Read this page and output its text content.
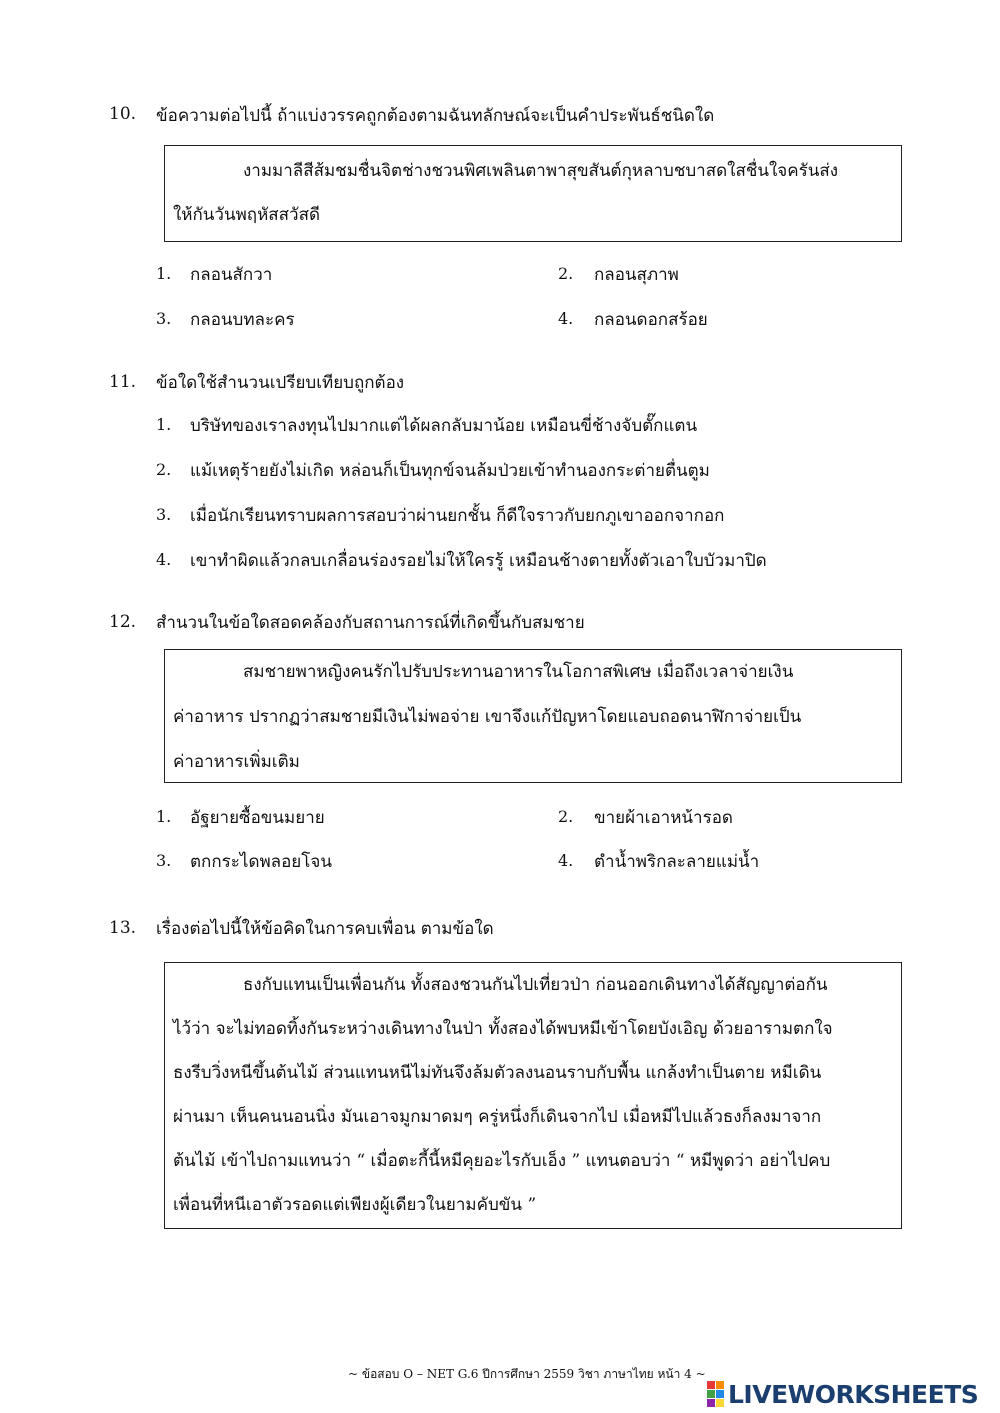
10. ข้อความต่อไปนี้ ถ้าแบ่งวรรคถูกต้องตามฉันทลักษณ์จะเป็นคำประพันธ์ชนิดใด
งามมาลีสีส้มชมชื่นจิตช่างชวนพิศเพลินตาพาสุขสันต์กุหลาบชบาสดใสชื่นใจครันส่ง
ให้กันวันพฤหัสสวัสดี
1. กลอนสักวา	2. กลอนสุภาพ
3. กลอนบทละคร	4. กลอนดอกสร้อย
11. ข้อใดใช้สำนวนเปรียบเทียบถูกต้อง
1. บริษัทของเราลงทุนไปมากแต่ได้ผลกลับมาน้อย เหมือนขี่ช้างจับตั๊กแตน
2. แม้เหตุร้ายยังไม่เกิด หล่อนก็เป็นทุกข์จนล้มป่วยเข้าทำนองกระต่ายตื่นตูม
3. เมื่อนักเรียนทราบผลการสอบว่าผ่านยกชั้น ก็ดีใจราวกับยกภูเขาออกจากอก
4. เขาทำผิดแล้วกลบเกลื่อนร่องรอยไม่ให้ใครรู้ เหมือนช้างตายทั้งตัวเอาใบบัวมาปิด
12. สำนวนในข้อใดสอดคล้องกับสถานการณ์ที่เกิดขึ้นกับสมชาย
สมชายพาหญิงคนรักไปรับประทานอาหารในโอกาสพิเศษ เมื่อถึงเวลาจ่ายเงิน
ค่าอาหาร ปรากฏว่าสมชายมีเงินไม่พอจ่าย เขาจึงแก้ปัญหาโดยแอบถอดนาฬิกาจ่ายเป็น
ค่าอาหารเพิ่มเติม
1. อัฐยายซื้อขนมยาย	2. ขายผ้าเอาหน้ารอด
3. ตกกระไดพลอยโจน	4. ตำน้ำพริกละลายแม่น้ำ
13. เรื่องต่อไปนี้ให้ข้อคิดในการคบเพื่อน ตามข้อใด
ธงกับแทนเป็นเพื่อนกัน ทั้งสองชวนกันไปเที่ยวป่า ก่อนออกเดินทางได้สัญญาต่อกัน
ไว้ว่า จะไม่ทอดทิ้งกันระหว่างเดินทางในป่า ทั้งสองได้พบหมีเข้าโดยบังเอิญ ด้วยอารามตกใจ
ธงรีบวิ่งหนีขึ้นต้นไม้ ส่วนแทนหนีไม่ทันจึงล้มตัวลงนอนราบกับพื้น แกล้งทำเป็นตาย หมีเดิน
ผ่านมา เห็นคนนอนนิ่ง มันเอาจมูกมาดมๆ ครู่หนึ่งก็เดินจากไป เมื่อหมีไปแล้วธงก็ลงมาจาก
ต้นไม้ เข้าไปถามแทนว่า “ เมื่อตะกี้นี้หมีคุยอะไรกับเอ็ง ” แทนตอบว่า “ หมีพูดว่า อย่าไปคบ
เพื่อนที่หนีเอาตัวรอดแต่เพียงผู้เดียวในยามคับขัน ”
~ ข้อสอบ O – NET G.6 ปีการศึกษา 2559 วิชา ภาษาไทย หน้า 4 ~
LIVEWORKSHEETS
